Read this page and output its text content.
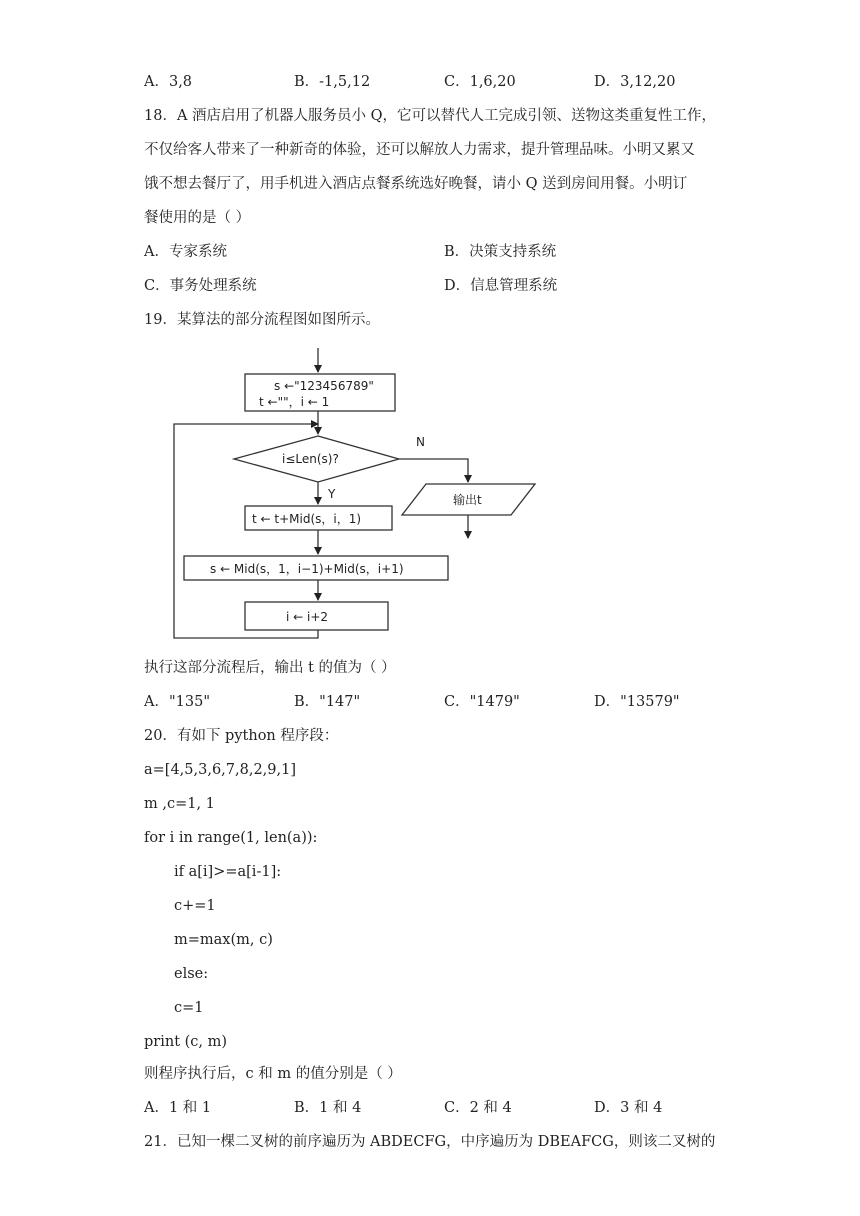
A．3,8	B．-1,5,12	C．1,6,20	D．3,12,20
18．A 酒店启用了机器人服务员小 Q，它可以替代人工完成引领、送物这类重复性工作，
不仅给客人带来了一种新奇的体验，还可以解放人力需求，提升管理品味。小明又累又
饿不想去餐厅了，用手机进入酒店点餐系统选好晚餐，请小 Q 送到房间用餐。小明订
餐使用的是（ ）
A．专家系统	B．决策支持系统
C．事务处理系统	D．信息管理系统
19．某算法的部分流程图如图所示。
s ←"123456789"
t ←""，i ← 1
i≤Len(s)?
N
Y	输出t
t ← t+Mid(s，i，1)
s ← Mid(s，1，i−1)+Mid(s，i+1)
i ← i+2
执行这部分流程后，输出 t 的值为（ ）
A．"135"	B．"147"	C．"1479"	D．"13579"
20．有如下 python 程序段：
a=[4,5,3,6,7,8,2,9,1]
m ,c=1, 1
for i in range(1, len(a)):
if a[i]>=a[i-1]:
c+=1
m=max(m, c)
else:
c=1
print (c, m)
则程序执行后，c 和 m 的值分别是（ ）
A．1 和 1	B．1 和 4	C．2 和 4	D．3 和 4
21．已知一棵二叉树的前序遍历为 ABDECFG，中序遍历为 DBEAFCG，则该二叉树的
